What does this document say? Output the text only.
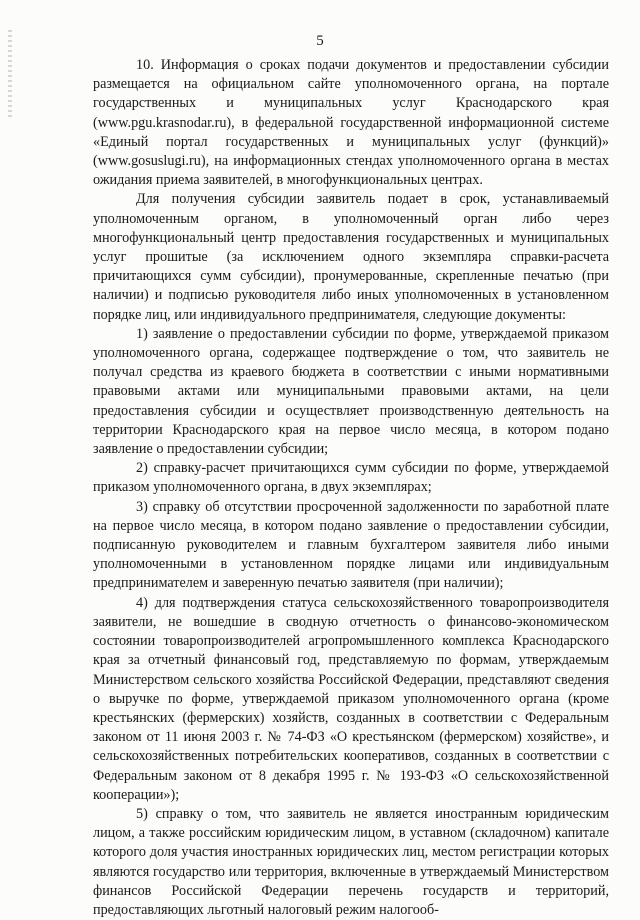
5

10. Информация о сроках подачи документов и предоставлении субсидии размещается на официальном сайте уполномоченного органа, на портале государственных и муниципальных услуг Краснодарского края (www.pgu.krasnodar.ru), в федеральной государственной информационной системе «Единый портал государственных и муниципальных услуг (функций)» (www.gosuslugi.ru), на информационных стендах уполномоченного органа в местах ожидания приема заявителей, в многофункциональных центрах.

Для получения субсидии заявитель подает в срок, устанавливаемый уполномоченным органом, в уполномоченный орган либо через многофункциональный центр предоставления государственных и муниципальных услуг прошитые (за исключением одного экземпляра справки-расчета причитающихся сумм субсидии), пронумерованные, скрепленные печатью (при наличии) и подписью руководителя либо иных уполномоченных в установленном порядке лиц, или индивидуального предпринимателя, следующие документы:

1) заявление о предоставлении субсидии по форме, утверждаемой приказом уполномоченного органа, содержащее подтверждение о том, что заявитель не получал средства из краевого бюджета в соответствии с иными нормативными правовыми актами или муниципальными правовыми актами, на цели предоставления субсидии и осуществляет производственную деятельность на территории Краснодарского края на первое число месяца, в котором подано заявление о предоставлении субсидии;

2) справку-расчет причитающихся сумм субсидии по форме, утверждаемой приказом уполномоченного органа, в двух экземплярах;

3) справку об отсутствии просроченной задолженности по заработной плате на первое число месяца, в котором подано заявление о предоставлении субсидии, подписанную руководителем и главным бухгалтером заявителя либо иными уполномоченными в установленном порядке лицами или индивидуальным предпринимателем и заверенную печатью заявителя (при наличии);

4) для подтверждения статуса сельскохозяйственного товаропроизводителя заявители, не вошедшие в сводную отчетность о финансово-экономическом состоянии товаропроизводителей агропромышленного комплекса Краснодарского края за отчетный финансовый год, представляемую по формам, утверждаемым Министерством сельского хозяйства Российской Федерации, представляют сведения о выручке по форме, утверждаемой приказом уполномоченного органа (кроме крестьянских (фермерских) хозяйств, созданных в соответствии с Федеральным законом от 11 июня 2003 г. № 74-ФЗ «О крестьянском (фермерском) хозяйстве», и сельскохозяйственных потребительских кооперативов, созданных в соответствии с Федеральным законом от 8 декабря 1995 г. № 193-ФЗ «О сельскохозяйственной кооперации»);

5) справку о том, что заявитель не является иностранным юридическим лицом, а также российским юридическим лицом, в уставном (складочном) капитале которого доля участия иностранных юридических лиц, местом регистрации которых являются государство или территория, включенные в утверждаемый Министерством финансов Российской Федерации перечень государств и территорий, предоставляющих льготный налоговый режим налогооб-
